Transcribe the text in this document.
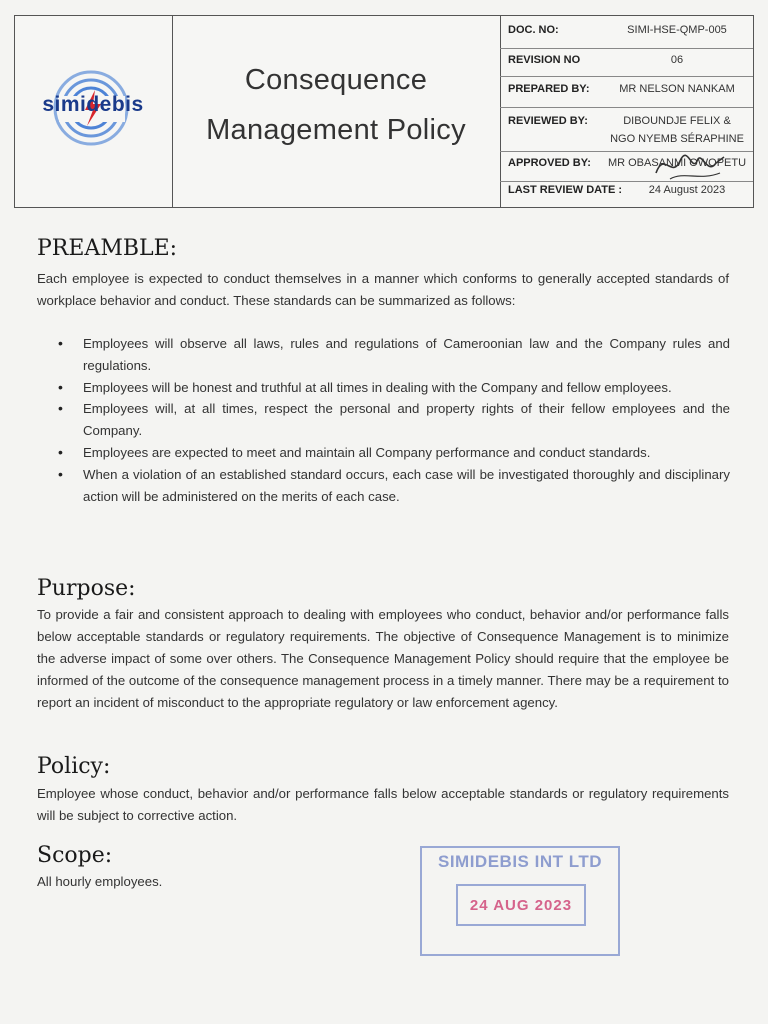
simidebis
Consequence
Management Policy
DOC. NO:	SIMI-HSE-QMP-005
REVISION NO	06
PREPARED BY:	MR NELSON NANKAM
REVIEWED BY:	DIBOUNDJE FELIX &
NGO NYEMB SÉRAPHINE
APPROVED BY:	MR OBASANMI OWOPETU
LAST REVIEW DATE :	24 August 2023
PREAMBLE:
Each employee is expected to conduct themselves in a manner which conforms to generally accepted standards of workplace behavior and conduct. These standards can be summarized as follows:
• Employees will observe all laws, rules and regulations of Cameroonian law and the Company rules and regulations.
• Employees will be honest and truthful at all times in dealing with the Company and fellow employees.
• Employees will, at all times, respect the personal and property rights of their fellow employees and the Company.
• Employees are expected to meet and maintain all Company performance and conduct standards.
• When a violation of an established standard occurs, each case will be investigated thoroughly and disciplinary action will be administered on the merits of each case.
Purpose:
To provide a fair and consistent approach to dealing with employees who conduct, behavior and/or performance falls below acceptable standards or regulatory requirements. The objective of Consequence Management is to minimize the adverse impact of some over others. The Consequence Management Policy should require that the employee be informed of the outcome of the consequence management process in a timely manner. There may be a requirement to report an incident of misconduct to the appropriate regulatory or law enforcement agency.
Policy:
Employee whose conduct, behavior and/or performance falls below acceptable standards or regulatory requirements will be subject to corrective action.
Scope:
All hourly employees.
SIMIDEBIS INT LTD
24 AUG 2023
